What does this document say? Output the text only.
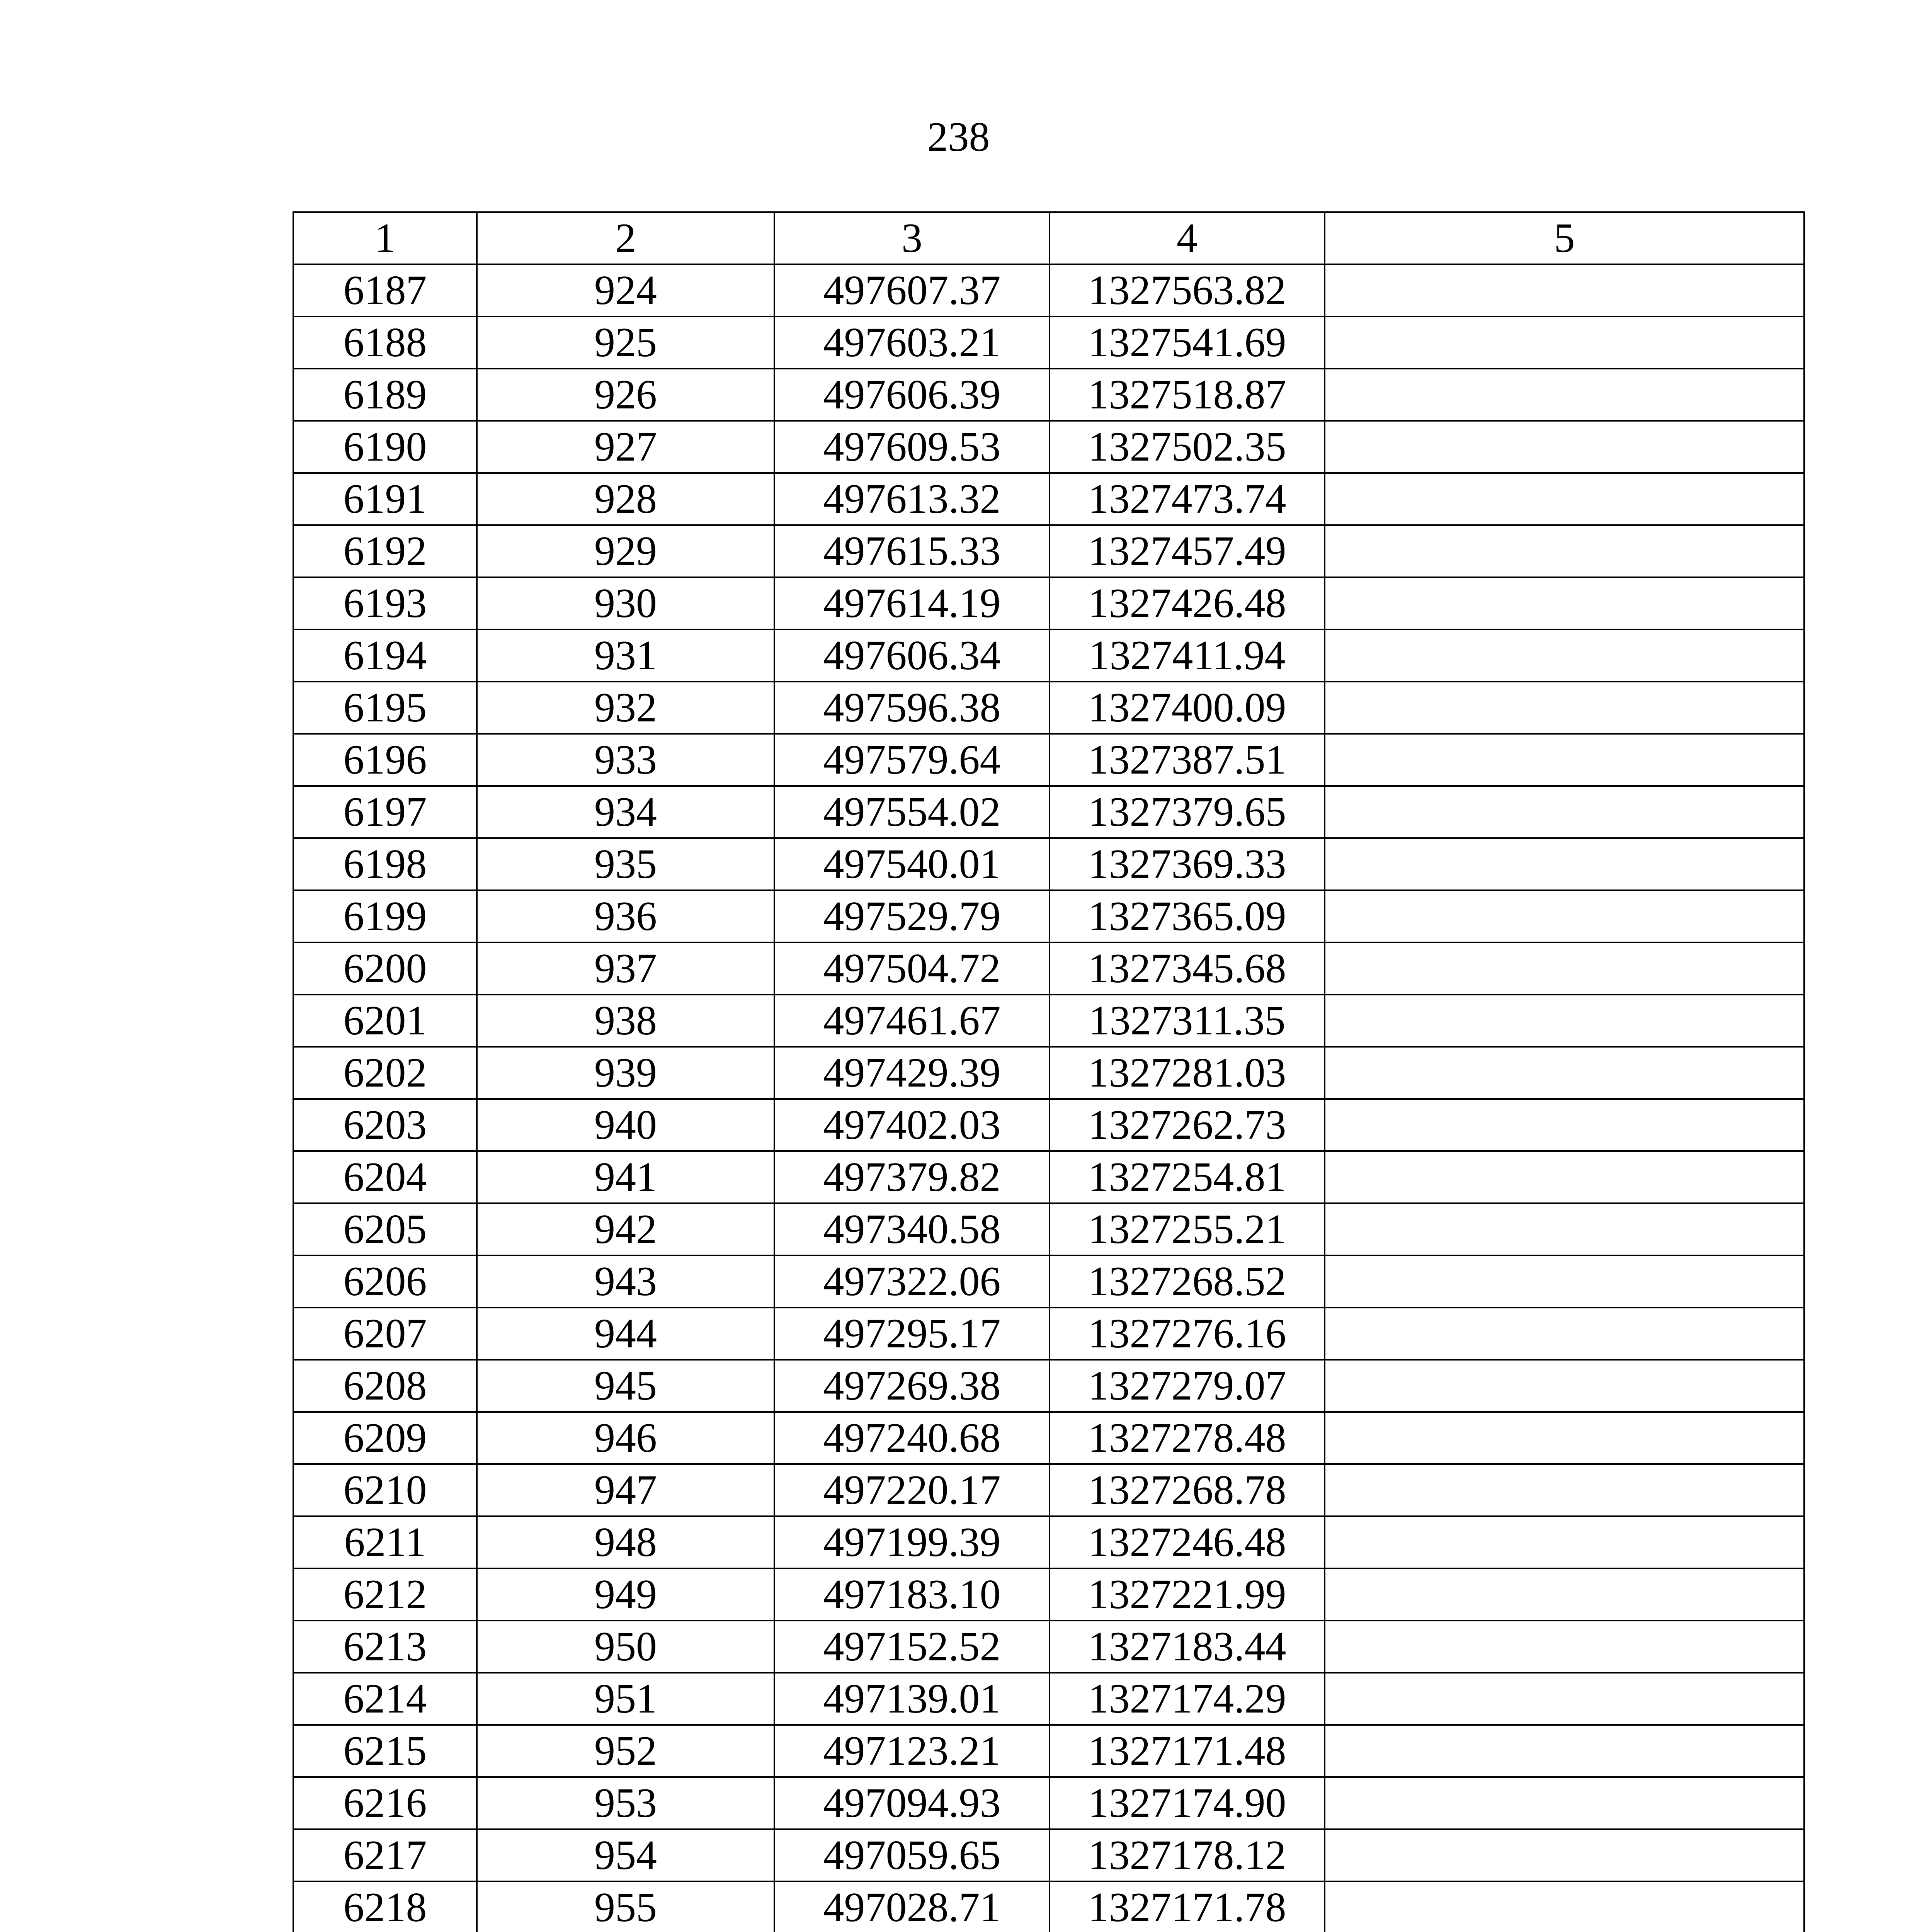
238
1	2	3	4	5
6187	924	497607.37	1327563.82	
6188	925	497603.21	1327541.69	
6189	926	497606.39	1327518.87	
6190	927	497609.53	1327502.35	
6191	928	497613.32	1327473.74	
6192	929	497615.33	1327457.49	
6193	930	497614.19	1327426.48	
6194	931	497606.34	1327411.94	
6195	932	497596.38	1327400.09	
6196	933	497579.64	1327387.51	
6197	934	497554.02	1327379.65	
6198	935	497540.01	1327369.33	
6199	936	497529.79	1327365.09	
6200	937	497504.72	1327345.68	
6201	938	497461.67	1327311.35	
6202	939	497429.39	1327281.03	
6203	940	497402.03	1327262.73	
6204	941	497379.82	1327254.81	
6205	942	497340.58	1327255.21	
6206	943	497322.06	1327268.52	
6207	944	497295.17	1327276.16	
6208	945	497269.38	1327279.07	
6209	946	497240.68	1327278.48	
6210	947	497220.17	1327268.78	
6211	948	497199.39	1327246.48	
6212	949	497183.10	1327221.99	
6213	950	497152.52	1327183.44	
6214	951	497139.01	1327174.29	
6215	952	497123.21	1327171.48	
6216	953	497094.93	1327174.90	
6217	954	497059.65	1327178.12	
6218	955	497028.71	1327171.78	
